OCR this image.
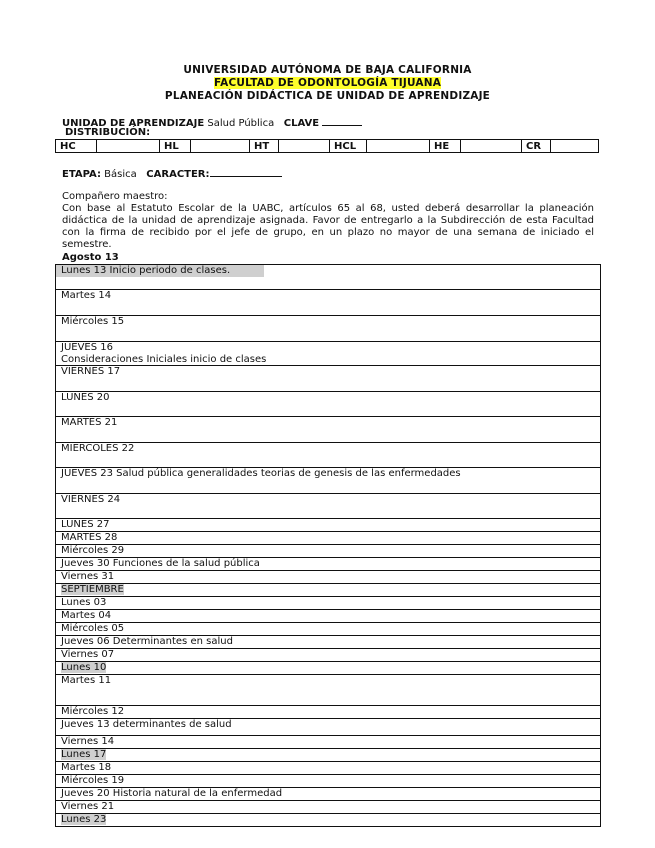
UNIVERSIDAD AUTÓNOMA DE BAJA CALIFORNIA
FACULTAD DE ODONTOLOGÍA TIJUANA
PLANEACIÓN DIDÁCTICA DE UNIDAD DE APRENDIZAJE
UNIDAD DE APRENDIZAJE Salud Pública CLAVE
DISTRIBUCIÓN:
HC		HL		HT		HCL		HE		CR	
ETAPA: Básica CARACTER:
Compañero maestro:
Con base al Estatuto Escolar de la UABC, artículos 65 al 68, usted deberá desarrollar la planeación didáctica de la unidad de aprendizaje asignada. Favor de entregarlo a la Subdirección de esta Facultad con la firma de recibido por el jefe de grupo, en un plazo no mayor de una semana de iniciado el semestre.
Agosto 13
Lunes 13 Inicio periodo de clases.
Martes 14
Miércoles 15
JUEVES 16
Consideraciones Iniciales inicio de clases
VIERNES 17
LUNES 20
MARTES 21
MIERCOLES 22
JUEVES 23 Salud pública generalidades teorias de genesis de las enfermedades
VIERNES 24
LUNES 27
MARTES 28
Miércoles 29
Jueves 30 Funciones de la salud pública
Viernes 31
SEPTIEMBRE
Lunes 03
Martes 04
Miércoles 05
Jueves 06 Determinantes en salud
Viernes 07
Lunes 10
Martes 11
Miércoles 12
Jueves 13 determinantes de salud
Viernes 14
Lunes 17
Martes 18
Miércoles 19
Jueves 20 Historia natural de la enfermedad
Viernes 21
Lunes 23
